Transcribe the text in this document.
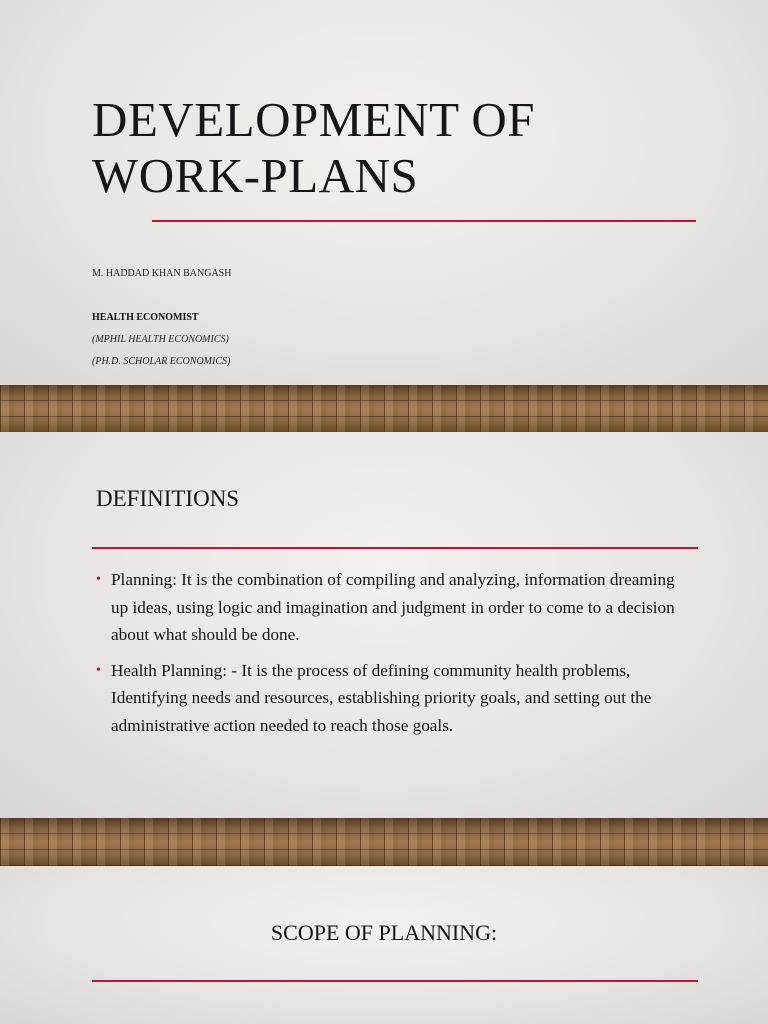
DEVELOPMENT OF
WORK-PLANS
M. HADDAD KHAN BANGASH
HEALTH ECONOMIST
(MPHIL HEALTH ECONOMICS)
(PH.D. SCHOLAR ECONOMICS)
DEFINITIONS
• Planning: It is the combination of compiling and analyzing, information dreaming up ideas, using logic and imagination and judgment in order to come to a decision about what should be done.
• Health Planning: - It is the process of defining community health problems, Identifying needs and resources, establishing priority goals, and setting out the administrative action needed to reach those goals.
SCOPE OF PLANNING:
